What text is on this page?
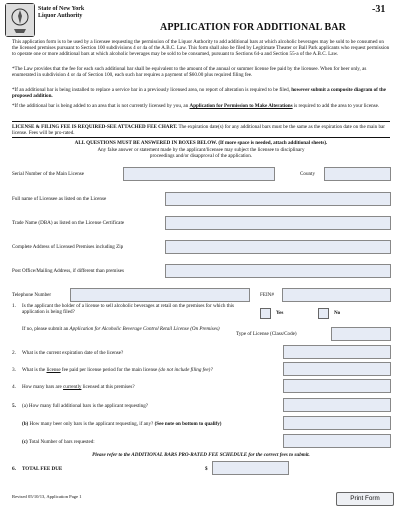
State of New York
Liquor Authority
-31
APPLICATION FOR ADDITIONAL BAR
This application form is to be used by a licensee requesting the permission of the Liquor Authority to add additional bars at which alcoholic beverages may be sold to be consumed on the licensed premises pursuant to Section 100 subdivisions 4 or 4a of the A.B.C. Law. This form shall also be filed by Legitimate Theater or Ball Park applicants who request permission to operate one or more additional bars at which alcoholic beverages may be sold to be consumed, pursuant to Sections 64-a and Section 55-a of the A.B.C. Law.
*The Law provides that the fee for each such additional bar shall be equivalent to the amount of the annual or summer license fee paid by the licensee. When for beer only, as enumerated in subdivision 4 or 4a of Section 100, each such bar requires a payment of $60.00 plus required filing fee.
*If an additional bar is being installed to replace a service bar in a previously licensed area, no report of alteration is required to be filed, however submit a composite diagram of the proposed addition.
*If the additional bar is being added to an area that is not currently licensed by you, an Application for Permission to Make Alterations is required to add the area to your license.
LICENSE & FILING FEE IS REQUIRED-SEE ATTACHED FEE CHART. The expiration date(s) for any additional bars must be the same as the expiration date on the main bar license. Fees will be pro-rated.
ALL QUESTIONS MUST BE ANSWERED IN BOXES BELOW. (If more space is needed, attach additional sheets).
Any false answer or statement made by the applicant/licensee may subject the licensee to disciplinary proceedings and/or disapproval of the application.
Serial Number of the Main License	County
Full name of Licensee as listed on the License
Trade Name (DBA) as listed on the License Certificate
Complete Address of Licensed Premises including Zip
Post Office/Mailing Address, if different than premises
Telephone Number	FEIN#
1. Is the applicant the holder of a license to sell alcoholic beverages at retail on the premises for which this application is being filed?	Yes	No
If no, please submit an Application for Alcoholic Beverage Control Retail License (On Premises)
Type of License (Class/Code)
2. What is the current expiration date of the license?
3. What is the license fee paid per license period for the main license (do not include filing fee)?
4. How many bars are currently licensed at this premises?
5. (a) How many full additional bars is the applicant requesting?
(b) How many beer only bars is the applicant requesting, if any? (See note on bottom to qualify)
(c) Total Number of bars requested:
Please refer to the ADDITIONAL BARS PRO-RATED FEE SCHEDULE for the correct fees to submit.
6. TOTAL FEE DUE	$
Revised 05/10/13, Application Page 1	Print Form
